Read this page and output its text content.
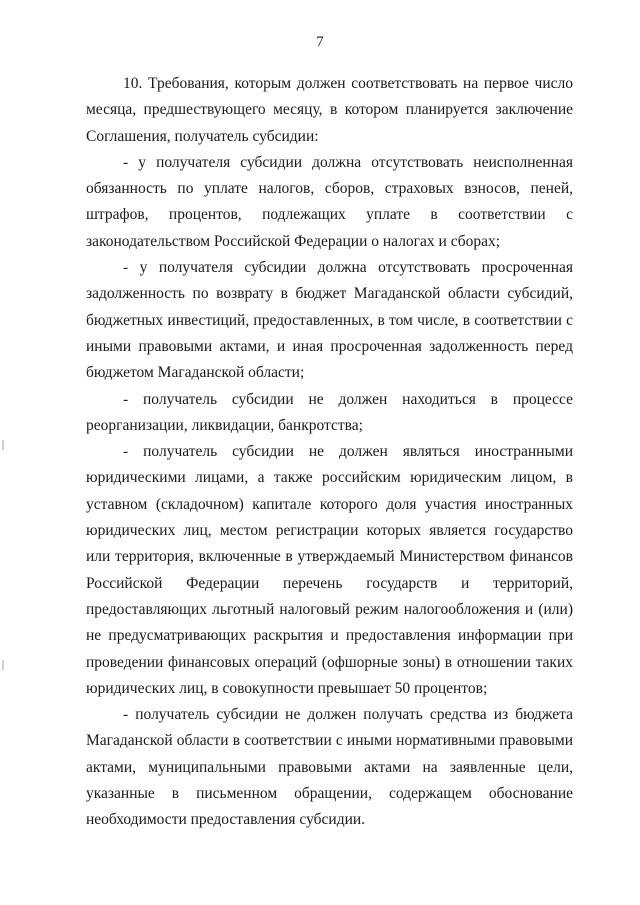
7

10. Требования, которым должен соответствовать на первое число месяца, предшествующего месяцу, в котором планируется заключение Соглашения, получатель субсидии:

- у получателя субсидии должна отсутствовать неисполненная обязанность по уплате налогов, сборов, страховых взносов, пеней, штрафов, процентов, подлежащих уплате в соответствии с законодательством Российской Федерации о налогах и сборах;

- у получателя субсидии должна отсутствовать просроченная задолженность по возврату в бюджет Магаданской области субсидий, бюджетных инвестиций, предоставленных, в том числе, в соответствии с иными правовыми актами, и иная просроченная задолженность перед бюджетом Магаданской области;

- получатель субсидии не должен находиться в процессе реорганизации, ликвидации, банкротства;

- получатель субсидии не должен являться иностранными юридическими лицами, а также российским юридическим лицом, в уставном (складочном) капитале которого доля участия иностранных юридических лиц, местом регистрации которых является государство или территория, включенные в утверждаемый Министерством финансов Российской Федерации перечень государств и территорий, предоставляющих льготный налоговый режим налогообложения и (или) не предусматривающих раскрытия и предоставления информации при проведении финансовых операций (офшорные зоны) в отношении таких юридических лиц, в совокупности превышает 50 процентов;

- получатель субсидии не должен получать средства из бюджета Магаданской области в соответствии с иными нормативными правовыми актами, муниципальными правовыми актами на заявленные цели, указанные в письменном обращении, содержащем обоснование необходимости предоставления субсидии.
